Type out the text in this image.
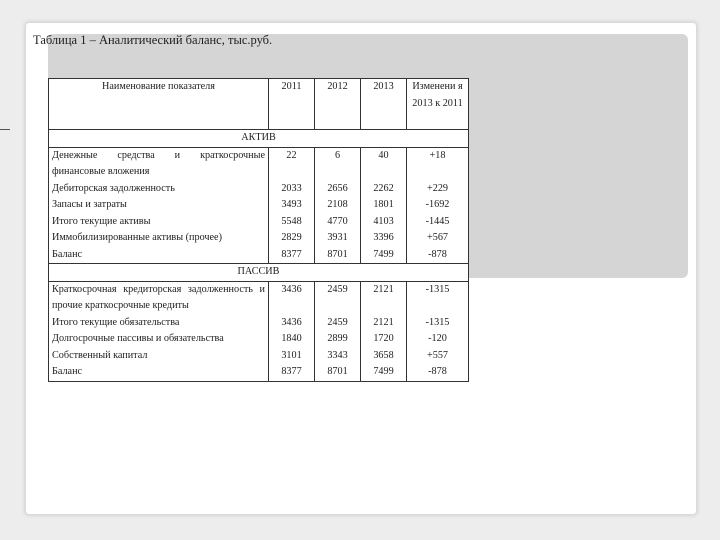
Таблица 1 – Аналитический баланс, тыс.руб.
Наименование показателя	2011	2012	2013	Изменени я 2013 к 2011
АКТИВ				
Денежные средства и краткосрочные финансовые вложения	22	6	40	+18
Дебиторская задолженность	2033	2656	2262	+229
Запасы и затраты	3493	2108	1801	-1692
Итого текущие активы	5548	4770	4103	-1445
Иммобилизированные активы (прочее)	2829	3931	3396	+567
Баланс	8377	8701	7499	-878
ПАССИВ				
Краткосрочная кредиторская задолженность и прочие краткосрочные кредиты	3436	2459	2121	-1315
Итого текущие обязательства	3436	2459	2121	-1315
Долгосрочные пассивы и обязательства	1840	2899	1720	-120
Собственный капитал	3101	3343	3658	+557
Баланс	8377	8701	7499	-878
